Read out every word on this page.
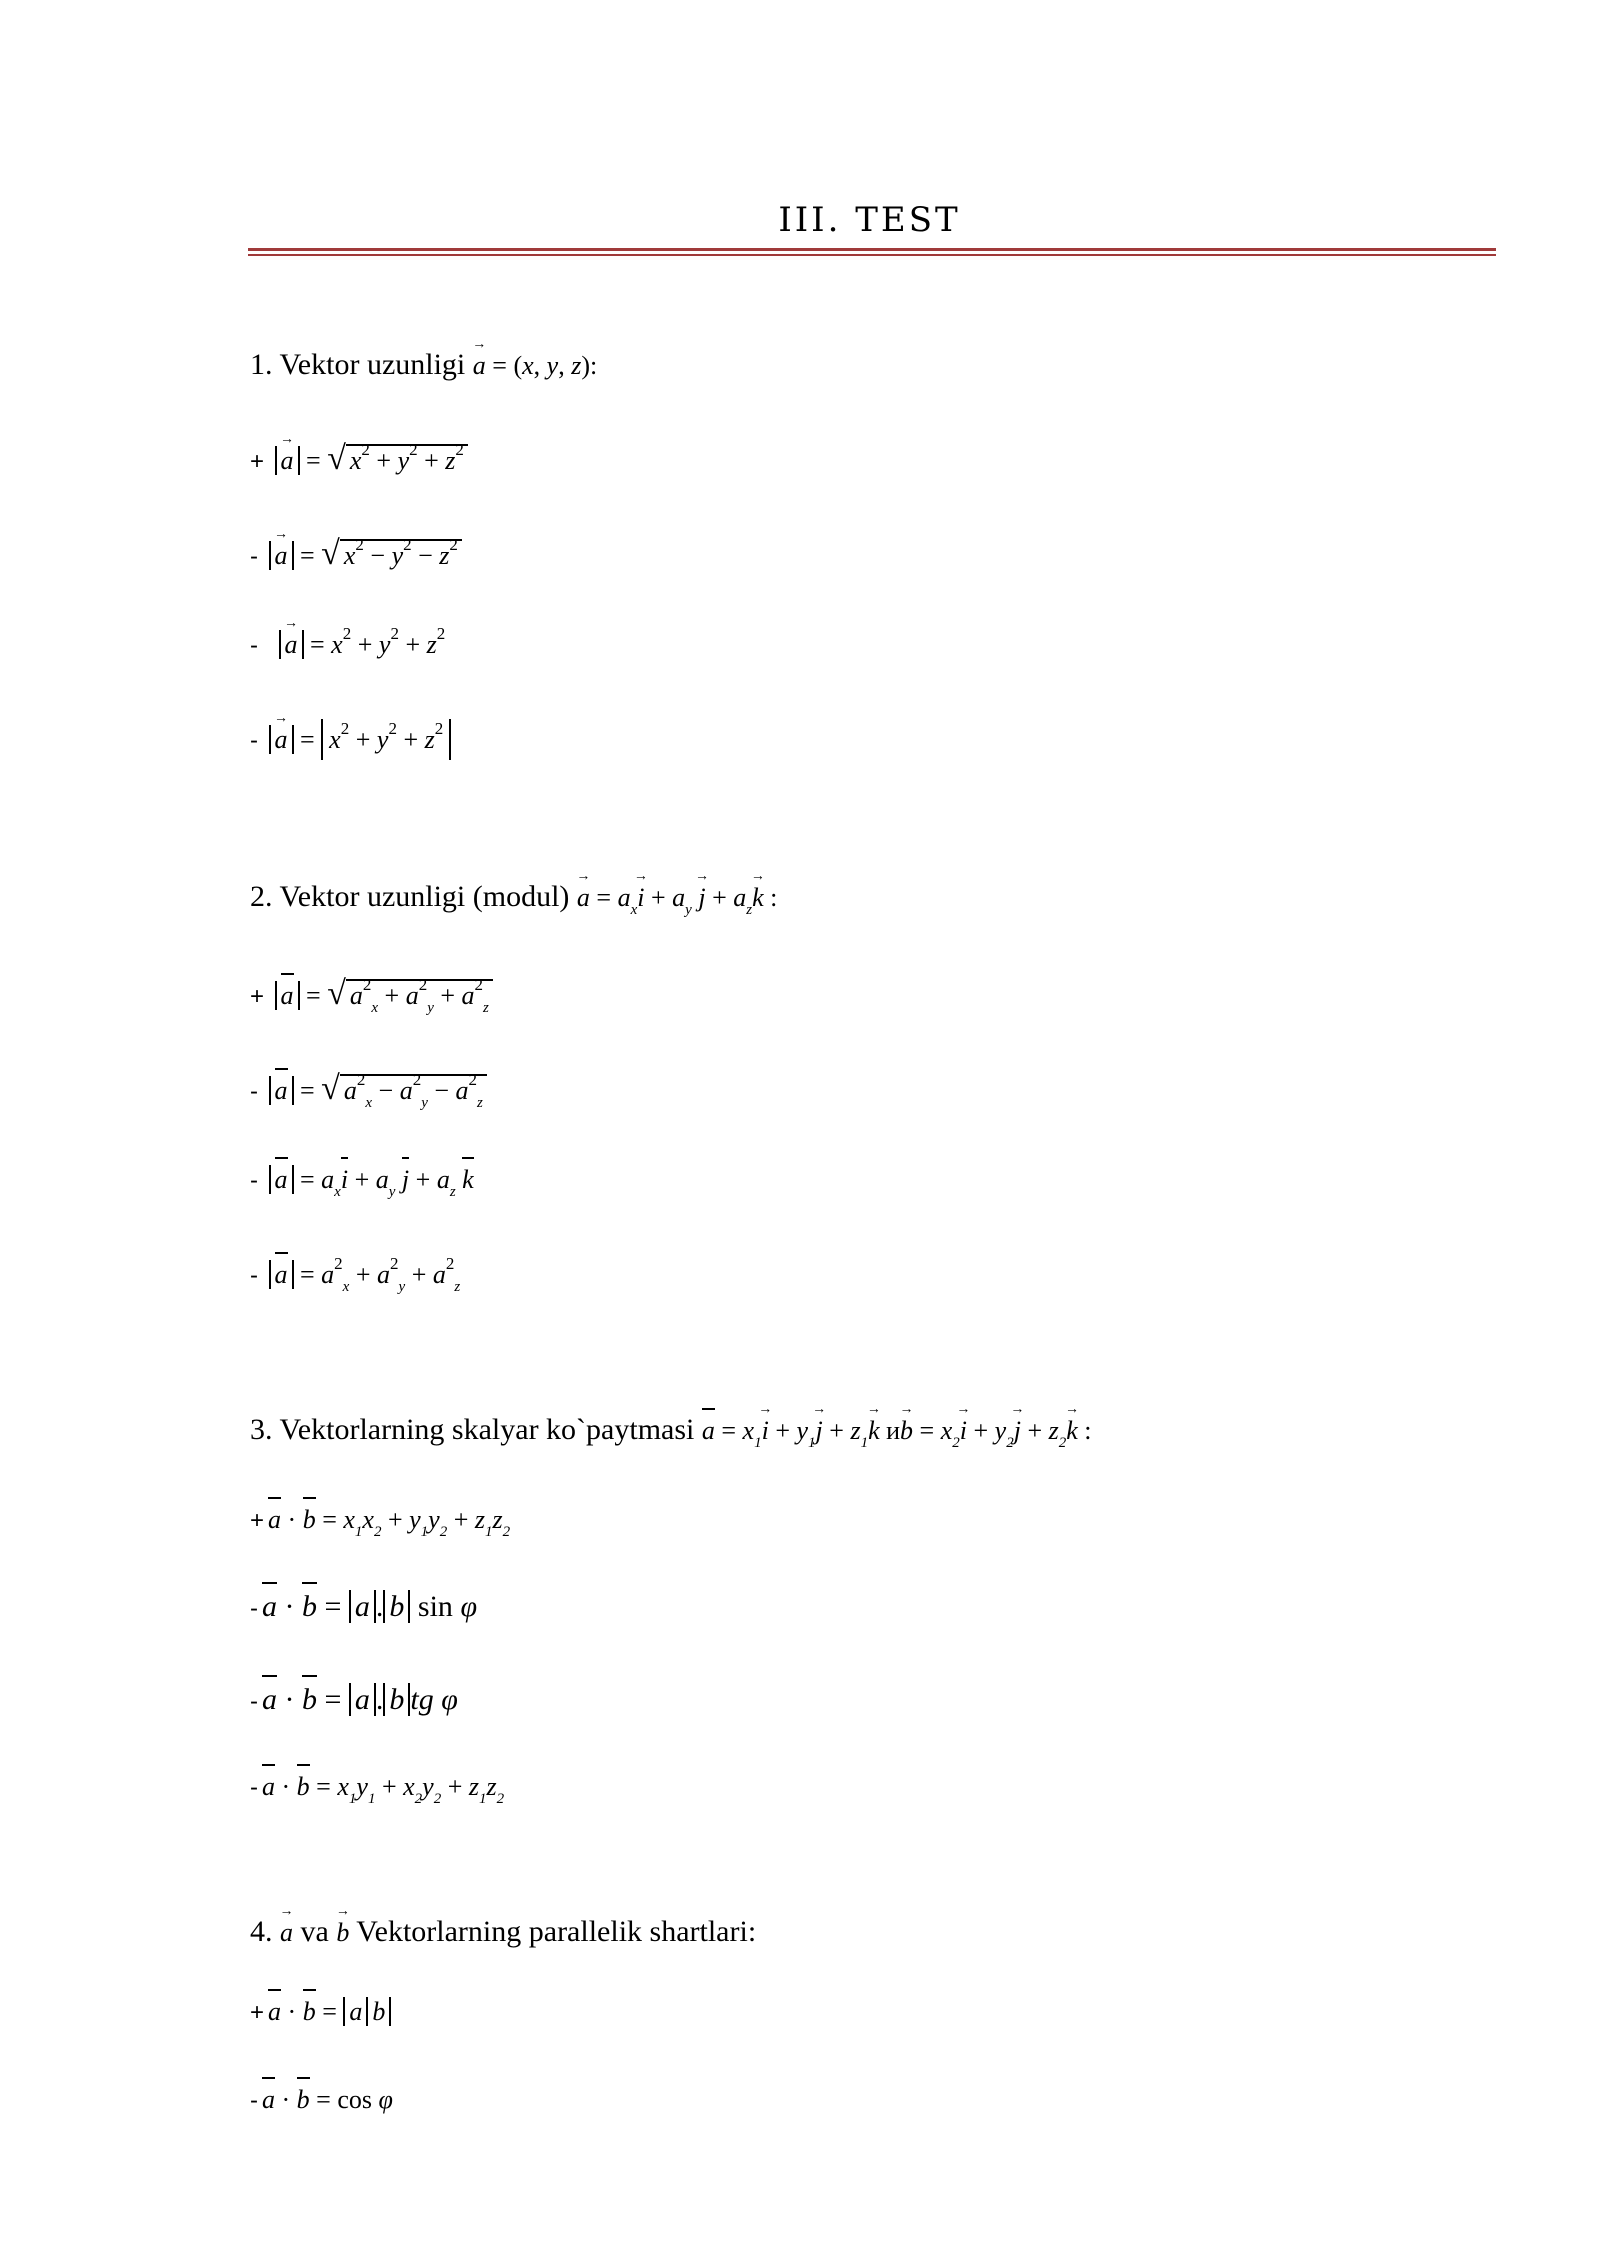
III. TEST
1. Vektor uzunligi → a = (x, y, z):
+ → a = √ $x^2 + y^2 + z^2$
- → a = √ $x^2 - y^2 - z^2$
- → $a = x^2 + y^2 + z^2$
- → $a = x^2 + y^2 + z^2$
2. Vektor uzunligi (modul) → $a = a_x\to i + a_y \to j + a_z\to k$ :
+ a = √ $a^2_x + a^2_y + a^2_z$
- a = √ $a^2_x - a^2_y - a^2_z$
- $a = a_xi + a_y$ $j + a_z$ k
- $a = a^2_x + a^2_y + a^2_z$
3. Vektorlarning skalyar ko`paytmasi $a = x_1\to i + y_1\to j + z_1\to k$ $и\to b = x_2\to i + y_2\to j + z_2\to k$ :
+ $a \cdot b = x_1x_2 + y_1y_2 + z_1z_2$
- a · b = a . b sin φ
- a · b = a . b tg φ
- $a \cdot b = x_1y_1 + x_2y_2 + z_1z_2$
4. → a va → b Vektorlarning parallelik shartlari:
+ a · b = a b
- a · b = cos φ
